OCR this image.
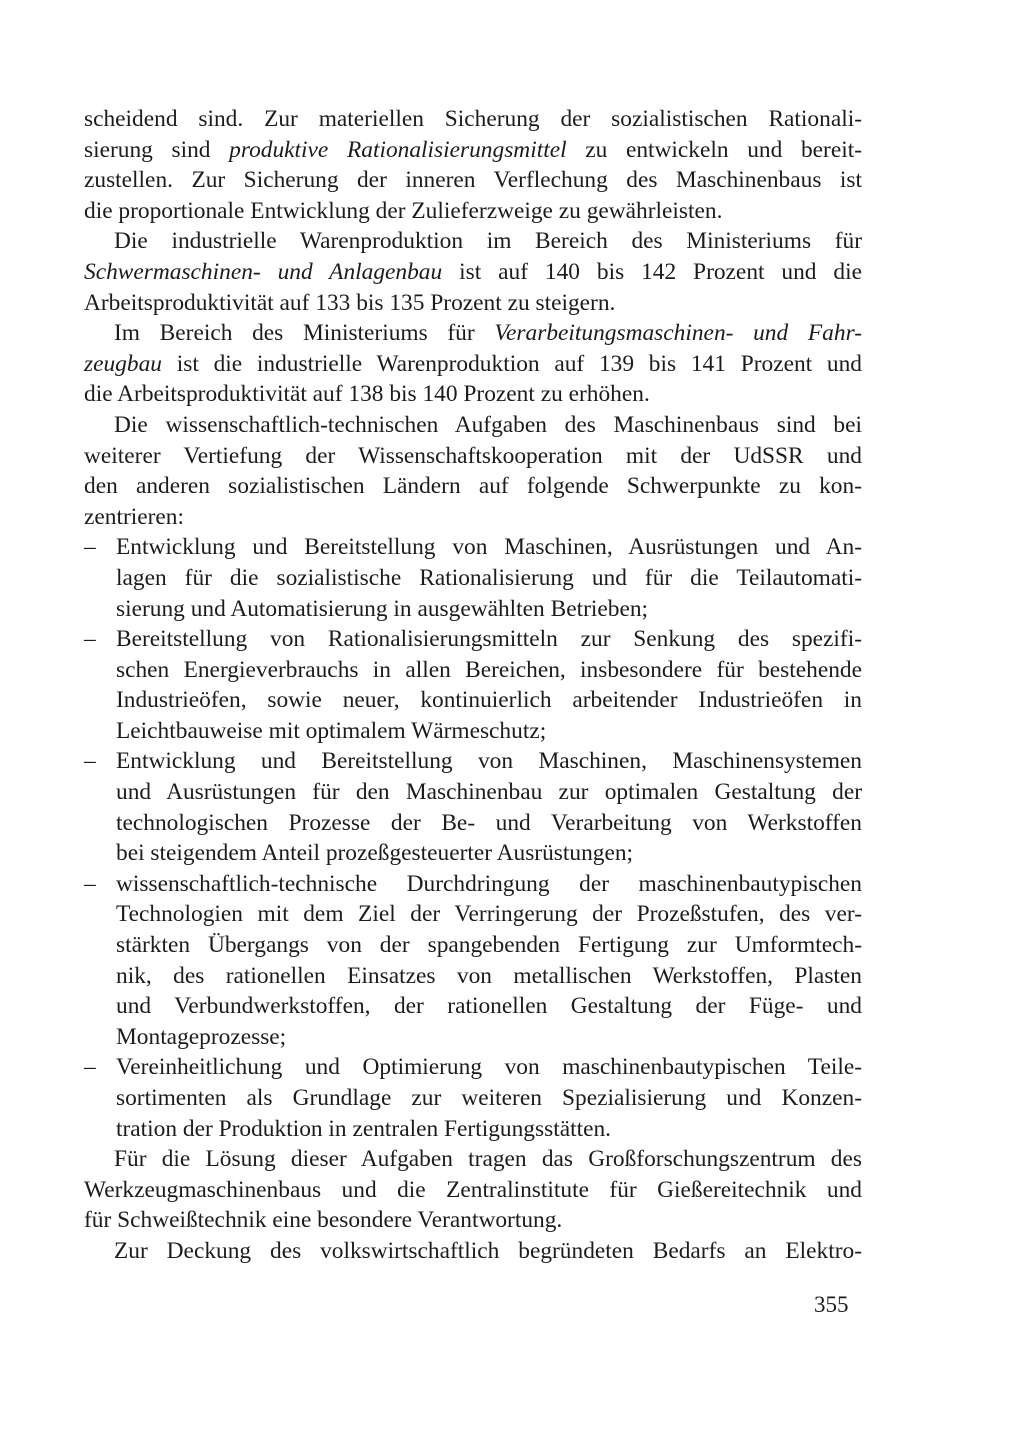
scheidend sind. Zur materiellen Sicherung der sozialistischen Rationali-
sierung sind produktive Rationalisierungsmittel zu entwickeln und bereit-
zustellen. Zur Sicherung der inneren Verflechung des Maschinenbaus ist
die proportionale Entwicklung der Zulieferzweige zu gewährleisten.
Die industrielle Warenproduktion im Bereich des Ministeriums für
Schwermaschinen- und Anlagenbau ist auf 140 bis 142 Prozent und die
Arbeitsproduktivität auf 133 bis 135 Prozent zu steigern.
Im Bereich des Ministeriums für Verarbeitungsmaschinen- und Fahr-
zeugbau ist die industrielle Warenproduktion auf 139 bis 141 Prozent und
die Arbeitsproduktivität auf 138 bis 140 Prozent zu erhöhen.
Die wissenschaftlich-technischen Aufgaben des Maschinenbaus sind bei
weiterer Vertiefung der Wissenschaftskooperation mit der UdSSR und
den anderen sozialistischen Ländern auf folgende Schwerpunkte zu kon-
zentrieren:
– Entwicklung und Bereitstellung von Maschinen, Ausrüstungen und An-
lagen für die sozialistische Rationalisierung und für die Teilautomati-
sierung und Automatisierung in ausgewählten Betrieben;
– Bereitstellung von Rationalisierungsmitteln zur Senkung des spezifi-
schen Energieverbrauchs in allen Bereichen, insbesondere für bestehende
Industrieöfen, sowie neuer, kontinuierlich arbeitender Industrieöfen in
Leichtbauweise mit optimalem Wärmeschutz;
– Entwicklung und Bereitstellung von Maschinen, Maschinensystemen
und Ausrüstungen für den Maschinenbau zur optimalen Gestaltung der
technologischen Prozesse der Be- und Verarbeitung von Werkstoffen
bei steigendem Anteil prozeßgesteuerter Ausrüstungen;
– wissenschaftlich-technische Durchdringung der maschinenbautypischen
Technologien mit dem Ziel der Verringerung der Prozeßstufen, des ver-
stärkten Übergangs von der spangebenden Fertigung zur Umformtech-
nik, des rationellen Einsatzes von metallischen Werkstoffen, Plasten
und Verbundwerkstoffen, der rationellen Gestaltung der Füge- und
Montageprozesse;
– Vereinheitlichung und Optimierung von maschinenbautypischen Teile-
sortimenten als Grundlage zur weiteren Spezialisierung und Konzen-
tration der Produktion in zentralen Fertigungsstätten.
Für die Lösung dieser Aufgaben tragen das Großforschungszentrum des
Werkzeugmaschinenbaus und die Zentralinstitute für Gießereitechnik und
für Schweißtechnik eine besondere Verantwortung.
Zur Deckung des volkswirtschaftlich begründeten Bedarfs an Elektro-
355
